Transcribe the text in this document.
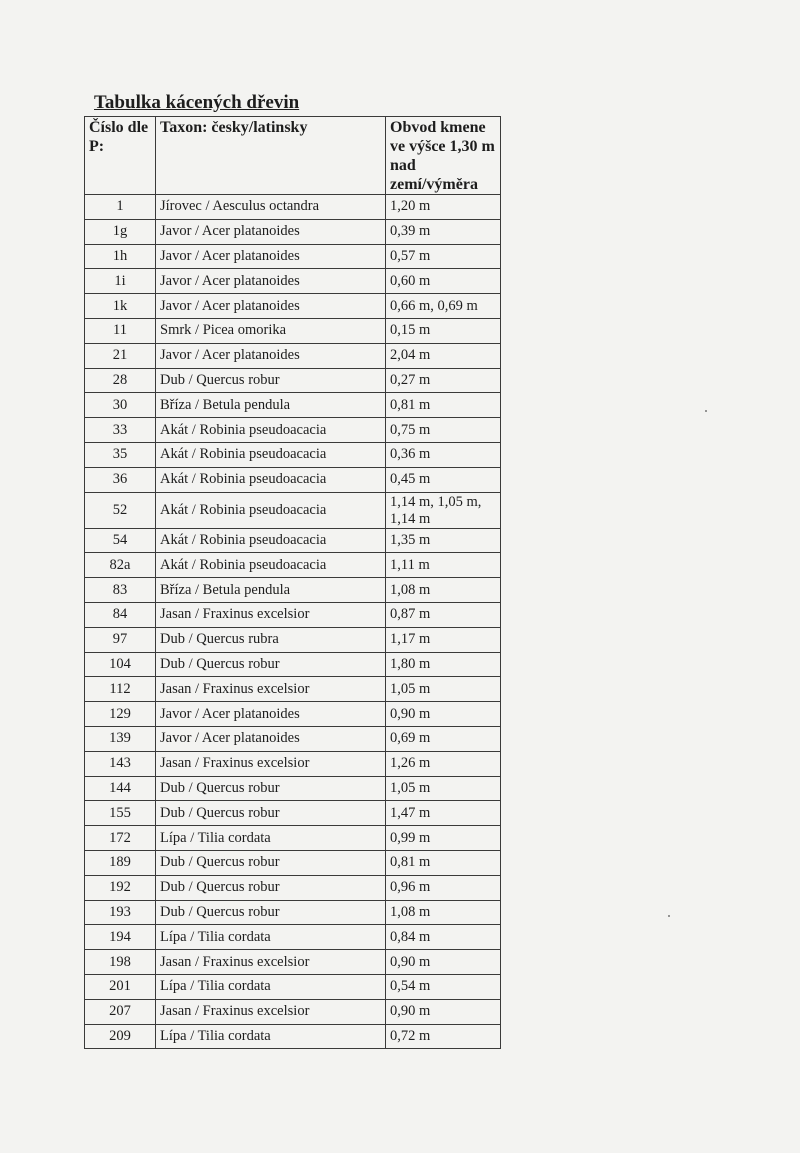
Tabulka kácených dřevin
Číslo dle P:	Taxon: česky/latinsky	Obvod kmene ve výšce 1,30 m nad zemí/výměra
1	Jírovec / Aesculus octandra	1,20 m
1g	Javor / Acer platanoides	0,39 m
1h	Javor / Acer platanoides	0,57 m
1i	Javor / Acer platanoides	0,60 m
1k	Javor / Acer platanoides	0,66 m, 0,69 m
11	Smrk / Picea omorika	0,15 m
21	Javor / Acer platanoides	2,04 m
28	Dub / Quercus robur	0,27 m
30	Bříza / Betula pendula	0,81 m
33	Akát / Robinia pseudoacacia	0,75 m
35	Akát / Robinia pseudoacacia	0,36 m
36	Akát / Robinia pseudoacacia	0,45 m
52	Akát / Robinia pseudoacacia	1,14 m, 1,05 m, 1,14 m
54	Akát / Robinia pseudoacacia	1,35 m
82a	Akát / Robinia pseudoacacia	1,11 m
83	Bříza / Betula pendula	1,08 m
84	Jasan / Fraxinus excelsior	0,87 m
97	Dub / Quercus rubra	1,17 m
104	Dub / Quercus robur	1,80 m
112	Jasan / Fraxinus excelsior	1,05 m
129	Javor / Acer platanoides	0,90 m
139	Javor / Acer platanoides	0,69 m
143	Jasan / Fraxinus excelsior	1,26 m
144	Dub / Quercus robur	1,05 m
155	Dub / Quercus robur	1,47 m
172	Lípa / Tilia cordata	0,99 m
189	Dub / Quercus robur	0,81 m
192	Dub / Quercus robur	0,96 m
193	Dub / Quercus robur	1,08 m
194	Lípa / Tilia cordata	0,84 m
198	Jasan / Fraxinus excelsior	0,90 m
201	Lípa / Tilia cordata	0,54 m
207	Jasan / Fraxinus excelsior	0,90 m
209	Lípa / Tilia cordata	0,72 m
